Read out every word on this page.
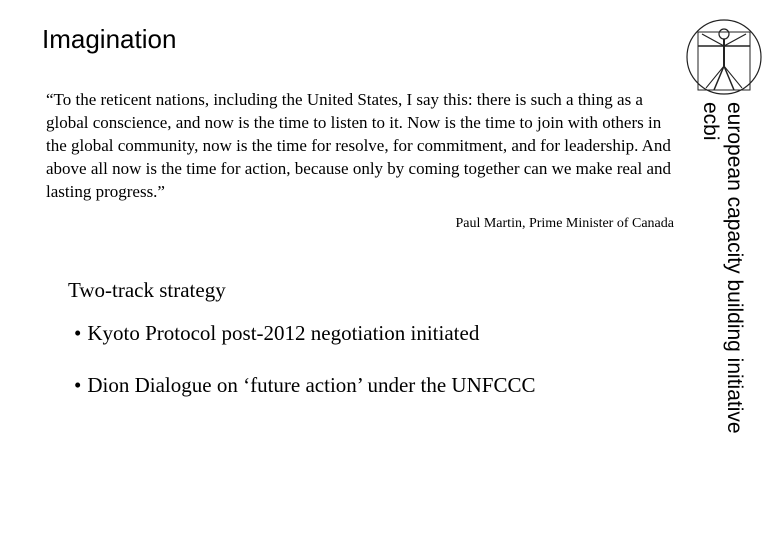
Imagination

“To the reticent nations, including the United States, I say this: there is such a thing as a global conscience, and now is the time to listen to it. Now is the time to join with others in the global community, now is the time for resolve, for commitment, and for leadership. And above all now is the time for action, because only by coming together can we make real and lasting progress.”

Paul Martin, Prime Minister of Canada
Two-track strategy
• Kyoto Protocol post-2012 negotiation initiated
• Dion Dialogue on ‘future action’ under the UNFCCC	european capacity building initiative
ecbi
